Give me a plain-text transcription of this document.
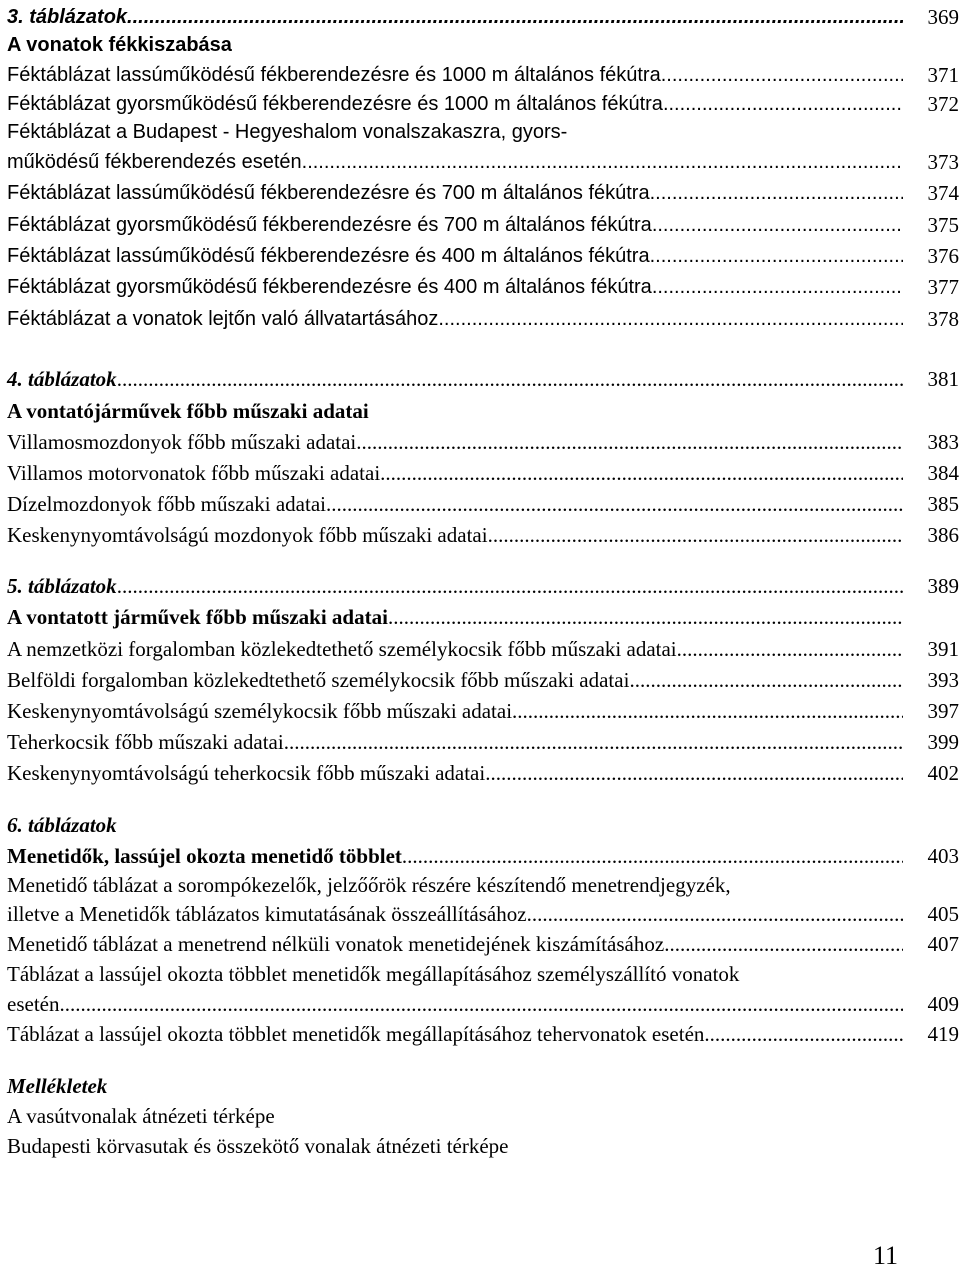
3. táblázatok .....	369
A vonatok fékkiszabása
Féktáblázat lassúműködésű fékberendezésre és 1000 m általános fékútra .....	371
Féktáblázat gyorsműködésű fékberendezésre és 1000 m általános fékútra .....	372
Féktáblázat a Budapest - Hegyeshalom vonalszakaszra, gyors-
működésű fékberendezés esetén .....	373
Féktáblázat lassúműködésű fékberendezésre és 700 m általános fékútra .....	374
Féktáblázat gyorsműködésű fékberendezésre és 700 m általános fékútra .....	375
Féktáblázat lassúműködésű fékberendezésre és 400 m általános fékútra .....	376
Féktáblázat gyorsműködésű fékberendezésre és 400 m általános fékútra .....	377
Féktáblázat a vonatok lejtőn való állvatartásához .....	378
4. táblázatok .....	381
A vontatójárművek főbb műszaki adatai
Villamosmozdonyok főbb műszaki adatai .....	383
Villamos motorvonatok főbb műszaki adatai .....	384
Dízelmozdonyok főbb műszaki adatai .....	385
Keskenynyomtávolságú mozdonyok főbb műszaki adatai .....	386
5. táblázatok .....	389
A vontatott járművek főbb műszaki adatai
.....
A nemzetközi forgalomban közlekedtethető személykocsik főbb műszaki adatai .....	391
Belföldi forgalomban közlekedtethető személykocsik főbb műszaki adatai .....	393
Keskenynyomtávolságú személykocsik főbb műszaki adatai .....	397
Teherkocsik főbb műszaki adatai .....	399
Keskenynyomtávolságú teherkocsik főbb műszaki adatai .....	402
6. táblázatok
Menetidők, lassújel okozta menetidő többlet .....	403
Menetidő táblázat a sorompókezelők, jelzőőrök részére készítendő menetrendjegyzék,
illetve a Menetidők táblázatos kimutatásának összeállításához .....	405
Menetidő táblázat a menetrend nélküli vonatok menetidejének kiszámításához .....	407
Táblázat a lassújel okozta többlet menetidők megállapításához személyszállító vonatok
esetén .....	409
Táblázat a lassújel okozta többlet menetidők megállapításához tehervonatok esetén .....	419
Mellékletek
A vasútvonalak átnézeti térképe
Budapesti körvasutak és összekötő vonalak átnézeti térképe
11
